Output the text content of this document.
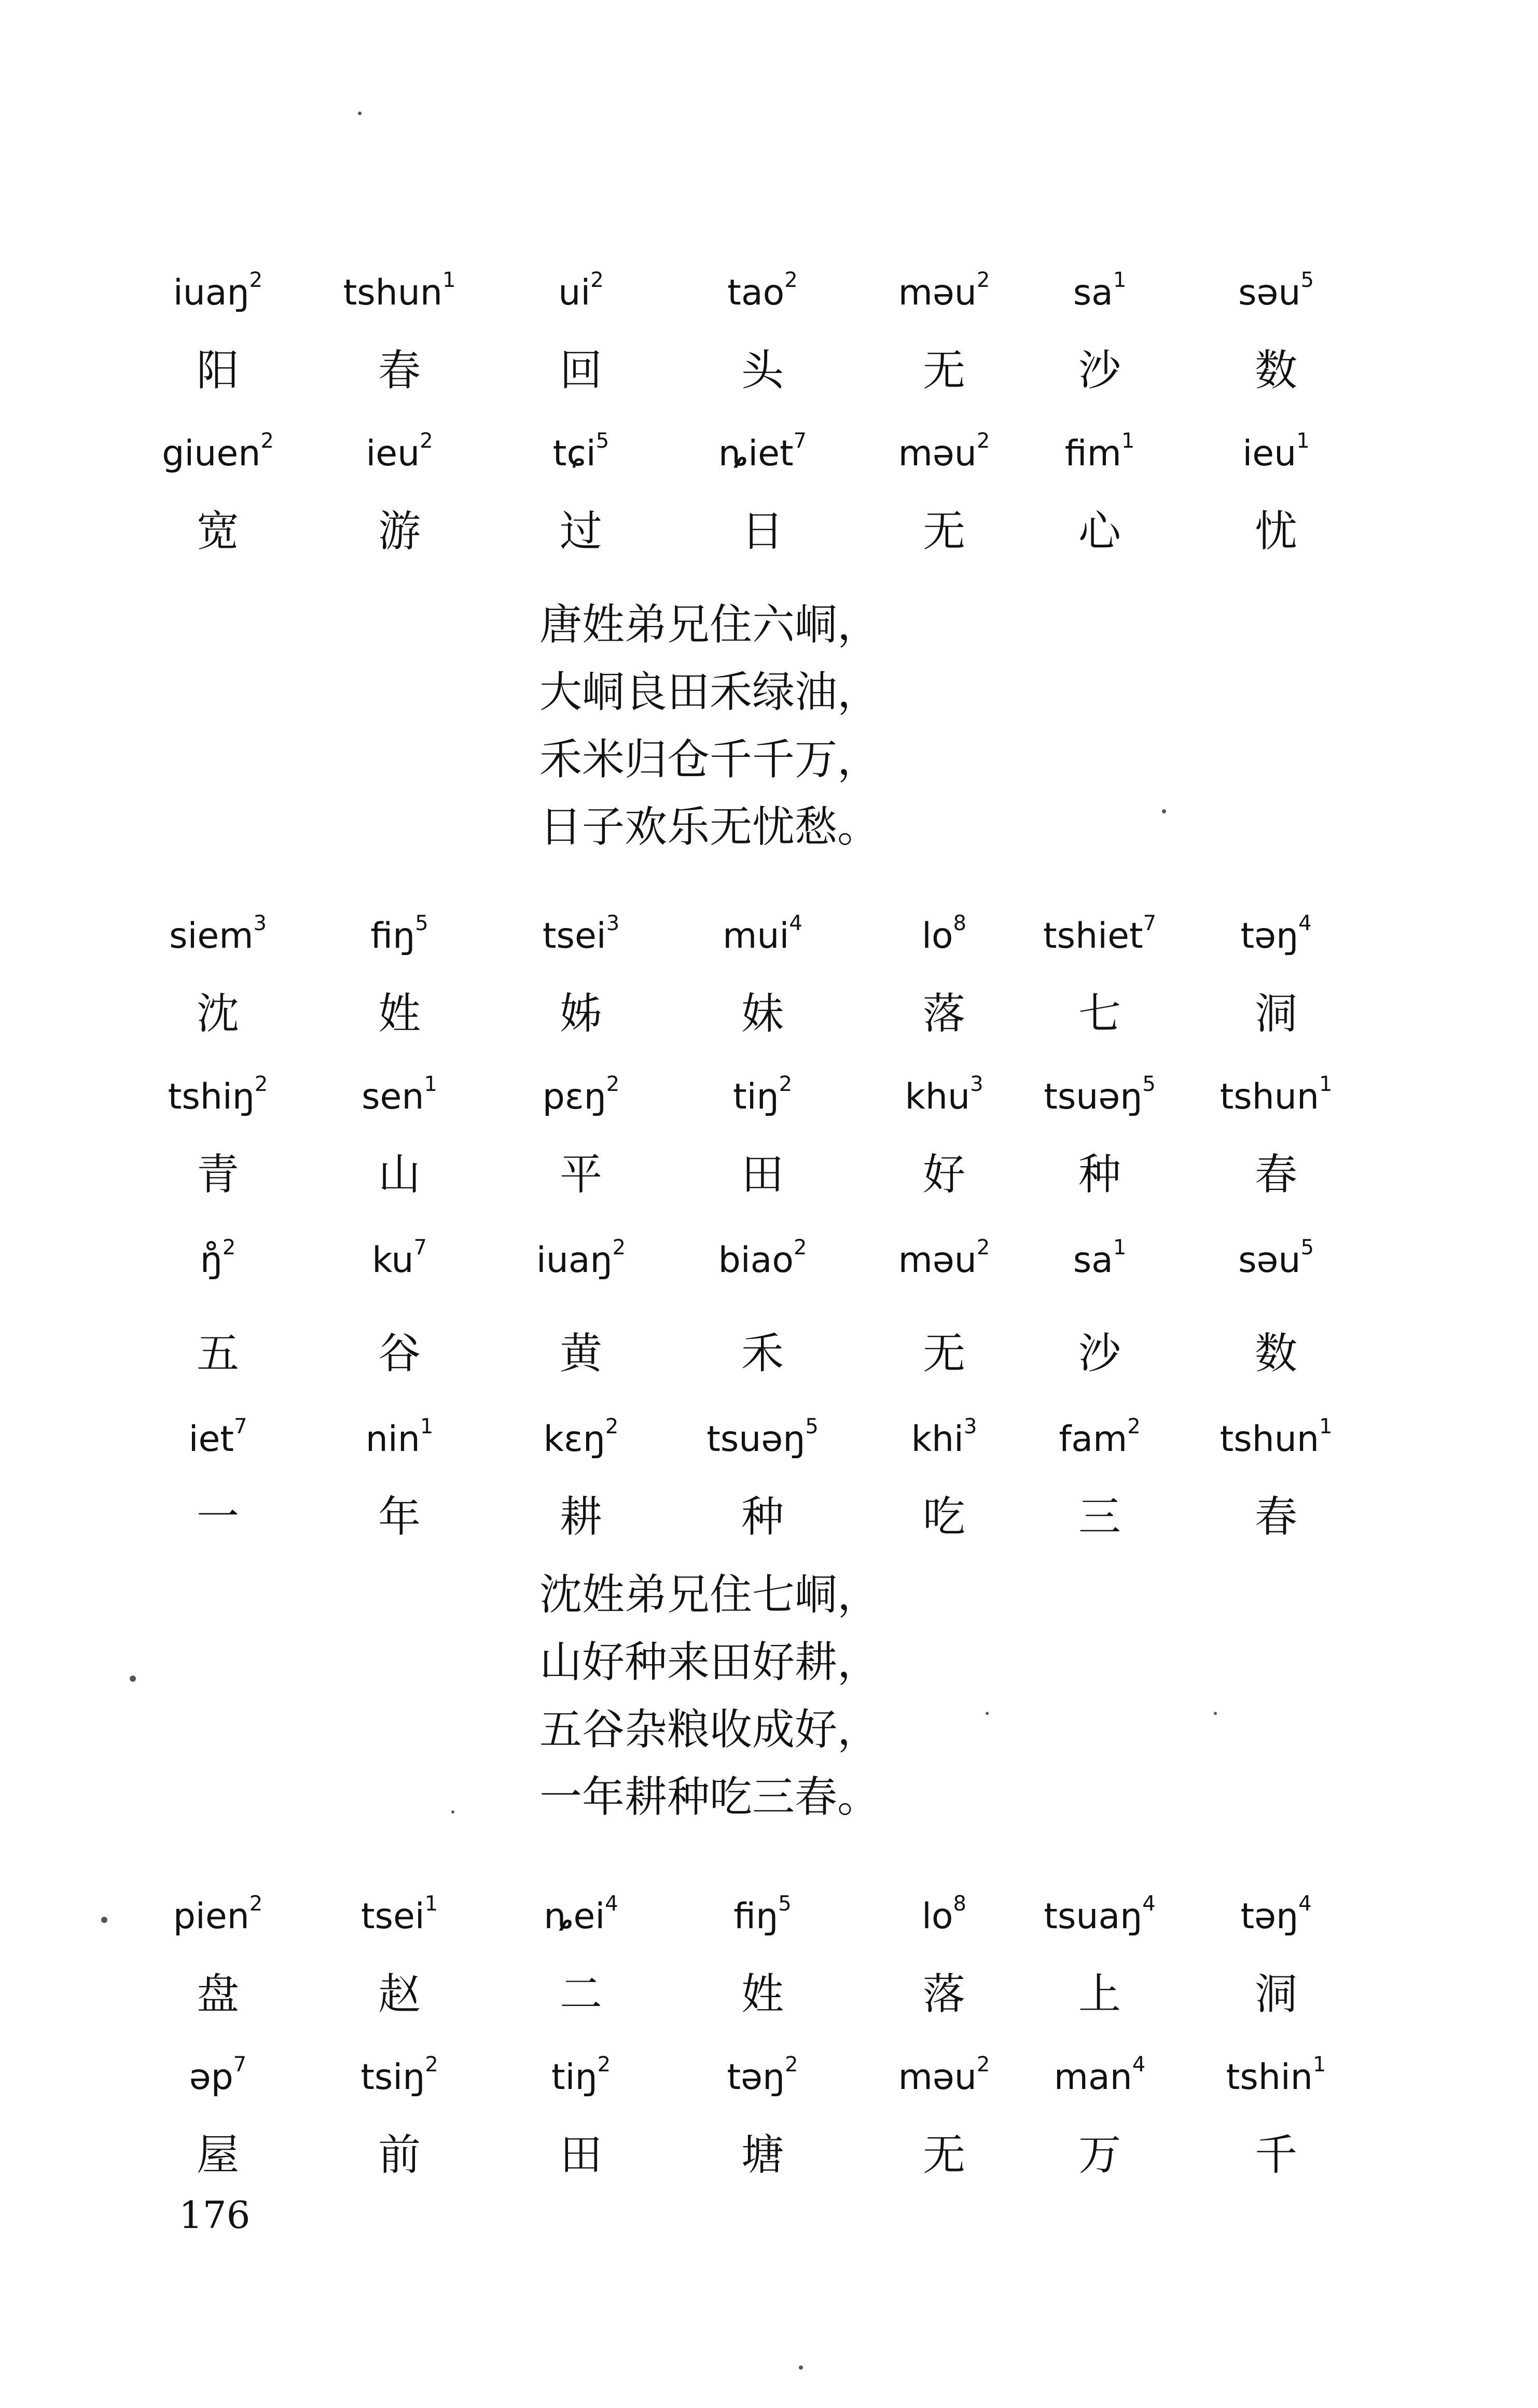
iuaŋ$^2$	tshun$^1$	$ui^2$	tao$^2$	məu$^2$	$sa^1$	səu$^5$
阳	春	回	头	无	沙	数
giuen$^2$	ieu$^2$	tɕi$^5$	ȵiet$^7$	məu$^2$	fim$^1$	ieu$^1$
宽	游	过	日	无	心	忧
唐姓弟兄住六峒，
大峒良田禾绿油，
禾米归仓千千万，
日子欢乐无忧愁。
siem$^3$	fiŋ$^5$	tsei$^3$	mui$^4$	$lo^8$	tshiet$^7$	təŋ$^4$
沈	姓	姊	妹	落	七	洞
tshiŋ$^2$	sen$^1$	pɛŋ$^2$	tiŋ$^2$	khu$^3$	tsuəŋ$^5$	tshun$^1$
青	山	平	田	好	种	春
ŋ̊$^2$	$ku^7$	iuaŋ$^2$	biao$^2$	məu$^2$	$sa^1$	səu$^5$
五	谷	黄	禾	无	沙	数
iet$^7$	nin$^1$	kɛŋ$^2$	tsuəŋ$^5$	khi$^3$	fam$^2$	tshun$^1$
一	年	耕	种	吃	三	春
沈姓弟兄住七峒，
山好种来田好耕，
五谷杂粮收成好，
一年耕种吃三春。
pien$^2$	tsei$^1$	ȵei$^4$	fiŋ$^5$	$lo^8$	tsuaŋ$^4$	təŋ$^4$
盘	赵	二	姓	落	上	洞
əp$^7$	tsiŋ$^2$	tiŋ$^2$	təŋ$^2$	məu$^2$	man$^4$	tshin$^1$
屋	前	田	塘	无	万	千
176
